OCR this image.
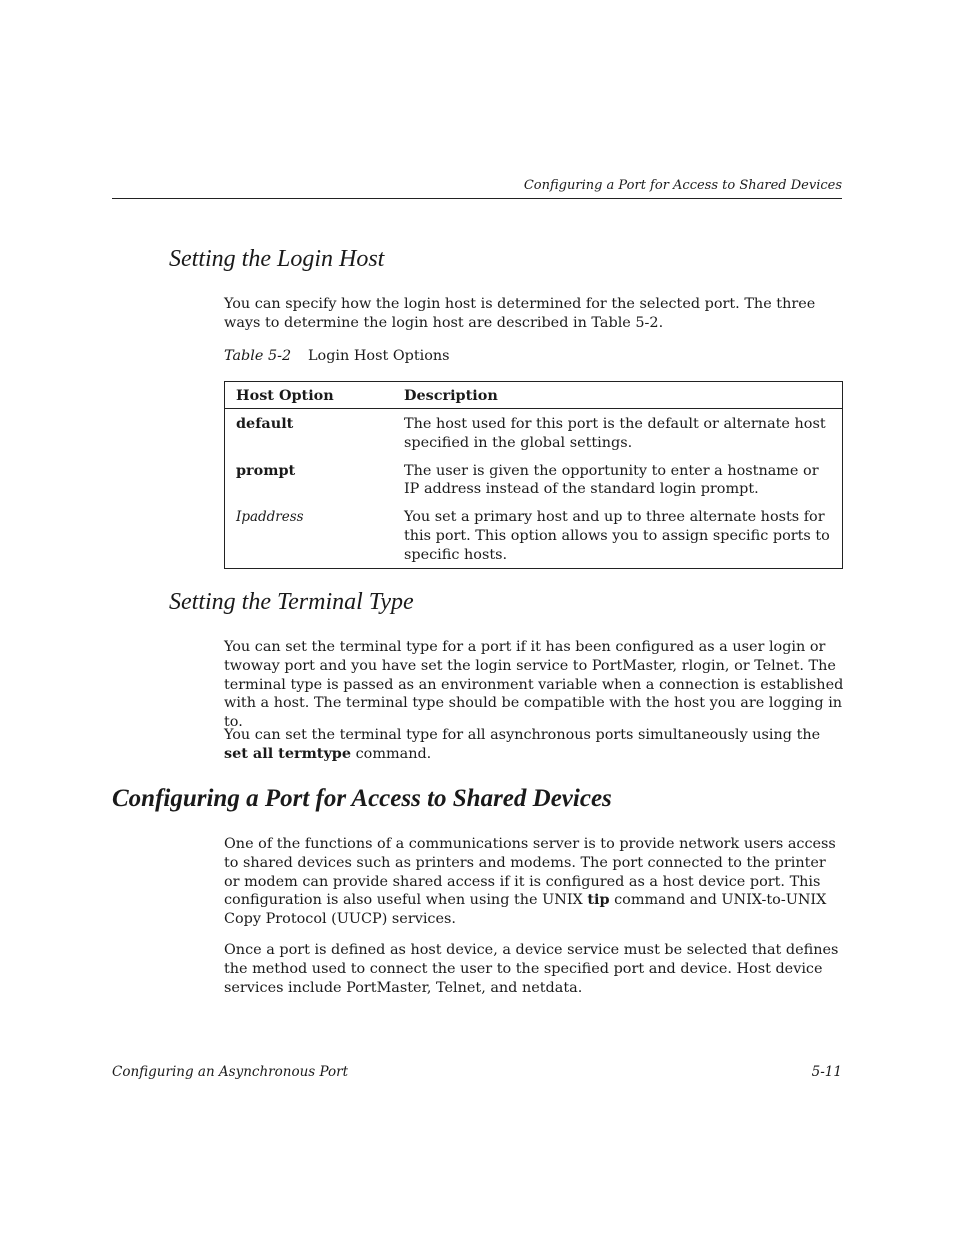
Configuring a Port for Access to Shared Devices
Setting the Login Host

You can specify how the login host is determined for the selected port. The three ways to determine the login host are described in Table 5-2.

Table 5-2 Login Host Options
Host Option	Description
default	The host used for this port is the default or alternate host specified in the global settings.
prompt	The user is given the opportunity to enter a hostname or IP address instead of the standard login prompt.
Ipaddress	You set a primary host and up to three alternate hosts for this port. This option allows you to assign specific ports to specific hosts.
Setting the Terminal Type

You can set the terminal type for a port if it has been configured as a user login or twoway port and you have set the login service to PortMaster, rlogin, or Telnet. The terminal type is passed as an environment variable when a connection is established with a host. The terminal type should be compatible with the host you are logging in to.

You can set the terminal type for all asynchronous ports simultaneously using the set all termtype command.

Configuring a Port for Access to Shared Devices

One of the functions of a communications server is to provide network users access to shared devices such as printers and modems. The port connected to the printer or modem can provide shared access if it is configured as a host device port. This configuration is also useful when using the UNIX tip command and UNIX-to-UNIX Copy Protocol (UUCP) services.

Once a port is defined as host device, a device service must be selected that defines the method used to connect the user to the specified port and device. Host device services include PortMaster, Telnet, and netdata.

Configuring an Asynchronous Port	5-11
